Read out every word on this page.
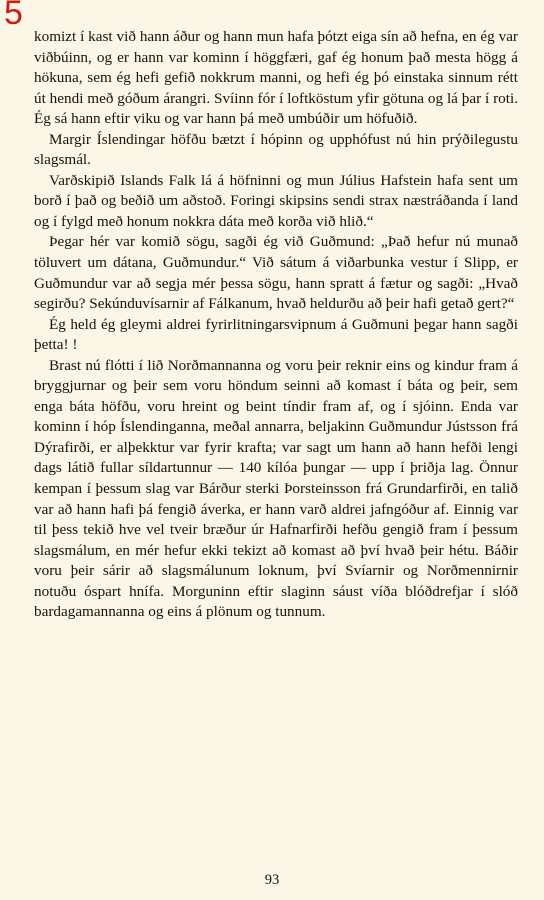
5

komizt í kast við hann áður og hann mun hafa þótzt eiga sín að hefna, en ég var viðbúinn, og er hann var kominn í höggfæri, gaf ég honum það mesta högg á hökuna, sem ég hefi gefið nokkrum manni, og hefi ég þó einstaka sinnum rétt út hendi með góðum árangri. Svíinn fór í loftköstum yfir götuna og lá þar í roti. Ég sá hann eftir viku og var hann þá með umbúðir um höfuðið.

Margir Íslendingar höfðu bætzt í hópinn og upphófust nú hin prýðilegustu slagsmál.

Varðskipið Islands Falk lá á höfninni og mun Július Hafstein hafa sent um borð í það og beðið um aðstoð. Foringi skipsins sendi strax næstráðanda í land og í fylgd með honum nokkra dáta með korða við hlið.“

Þegar hér var komið sögu, sagði ég við Guðmund: „Það hefur nú munað töluvert um dátana, Guðmundur.“ Við sátum á viðarbunka vestur í Slipp, er Guðmundur var að segja mér þessa sögu, hann spratt á fætur og sagði: „Hvað segirðu? Sekúnduvísarnir af Fálkanum, hvað heldurðu að þeir hafi getað gert?“

Ég held ég gleymi aldrei fyrirlitningarsvipnum á Guðmuni þegar hann sagði þetta! !

Brast nú flótti í lið Norðmannanna og voru þeir reknir eins og kindur fram á bryggjurnar og þeir sem voru höndum seinni að komast í báta og þeir, sem enga báta höfðu, voru hreint og beint tíndir fram af, og í sjóinn. Enda var kominn í hóp Íslendinganna, meðal annarra, beljakinn Guðmundur Jústsson frá Dýrafirði, er alþekktur var fyrir krafta; var sagt um hann að hann hefði lengi dags látið fullar síldartunnur — 140 kílóa þungar — upp í þriðja lag. Önnur kempan í þessum slag var Bárður sterki Þorsteinsson frá Grundarfirði, en talið var að hann hafi þá fengið áverka, er hann varð aldrei jafngóður af. Einnig var til þess tekið hve vel tveir bræður úr Hafnarfirði hefðu gengið fram í þessum slagsmálum, en mér hefur ekki tekizt að komast að því hvað þeir hétu. Báðir voru þeir sárir að slagsmálunum loknum, því Svíarnir og Norðmennirnir notuðu óspart hnífa. Morguninn eftir slaginn sáust víða blóðdrefjar í slóð bardagamannanna og eins á plönum og tunnum.

93
